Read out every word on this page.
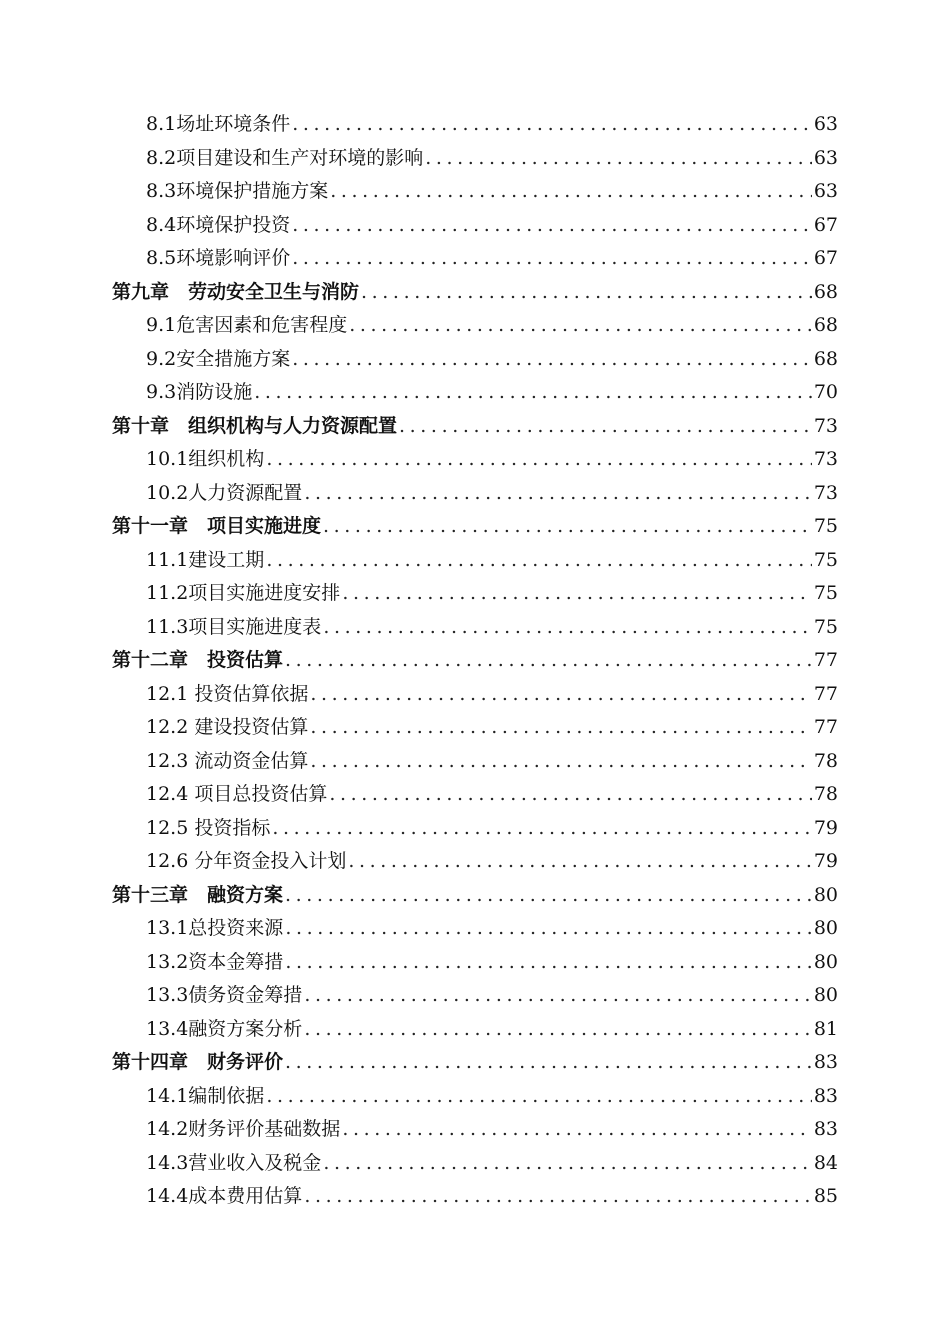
8.1场址环境条件 .....	63
8.2项目建设和生产对环境的影响 .....	63
8.3环境保护措施方案 .....	63
8.4环境保护投资 .....	67
8.5环境影响评价 .....	67
第九章　劳动安全卫生与消防 .....	68
9.1危害因素和危害程度 .....	68
9.2安全措施方案 .....	68
9.3消防设施 .....	70
第十章　组织机构与人力资源配置 .....	73
10.1组织机构 .....	73
10.2人力资源配置 .....	73
第十一章　项目实施进度 .....	75
11.1建设工期 .....	75
11.2项目实施进度安排 .....	75
11.3项目实施进度表 .....	75
第十二章　投资估算 .....	77
12.1 投资估算依据 .....	77
12.2 建设投资估算 .....	77
12.3 流动资金估算 .....	78
12.4 项目总投资估算 .....	78
12.5 投资指标 .....	79
12.6 分年资金投入计划 .....	79
第十三章　融资方案 .....	80
13.1总投资来源 .....	80
13.2资本金筹措 .....	80
13.3债务资金筹措 .....	80
13.4融资方案分析 .....	81
第十四章　财务评价 .....	83
14.1编制依据 .....	83
14.2财务评价基础数据 .....	83
14.3营业收入及税金 .....	84
14.4成本费用估算 .....	85
